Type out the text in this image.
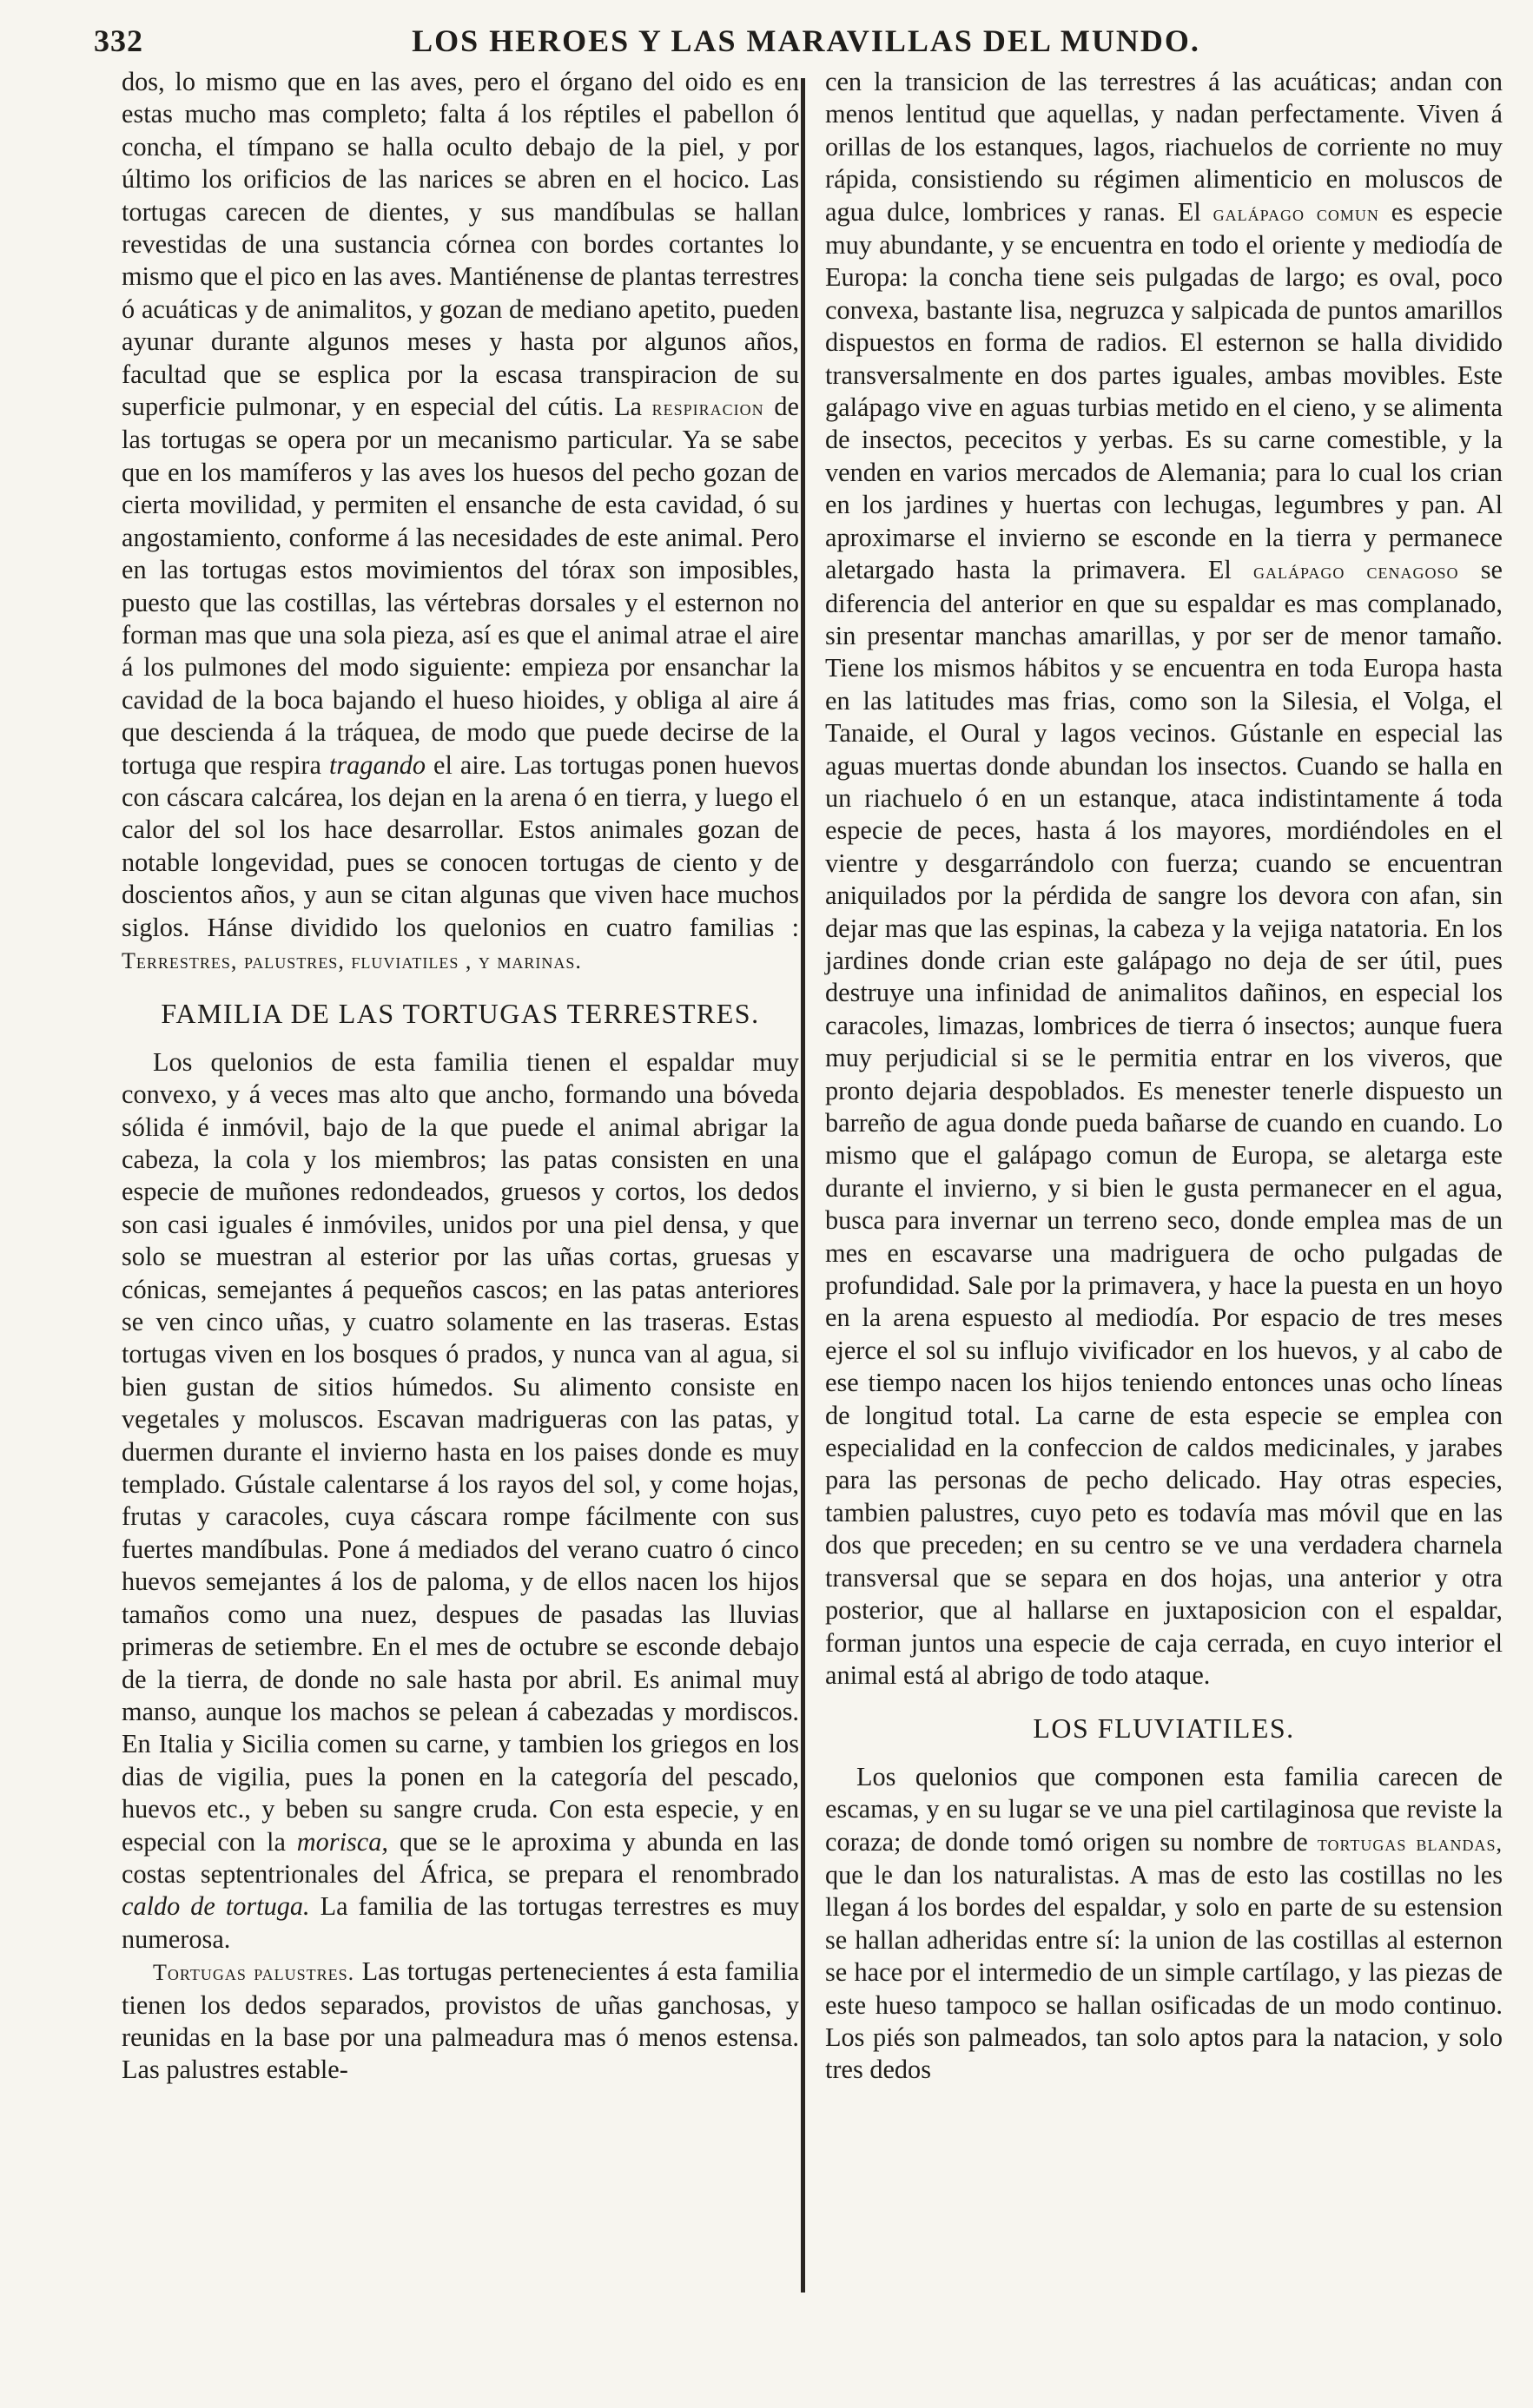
332	LOS HEROES Y LAS MARAVILLAS DEL MUNDO.

dos, lo mismo que en las aves, pero el órgano del oido es en estas mucho mas completo; falta á los réptiles el pabellon ó concha, el tímpano se halla oculto debajo de la piel, y por último los orificios de las narices se abren en el hocico. Las tortugas carecen de dientes, y sus mandíbulas se hallan revestidas de una sustancia córnea con bordes cortantes lo mismo que el pico en las aves. Mantiénense de plantas terrestres ó acuáticas y de animalitos, y gozan de mediano apetito, pueden ayunar durante algunos meses y hasta por algunos años, facultad que se esplica por la escasa transpiracion de su superficie pulmonar, y en especial del cútis. La respiracion de las tortugas se opera por un mecanismo particular. Ya se sabe que en los mamíferos y las aves los huesos del pecho gozan de cierta movilidad, y permiten el ensanche de esta cavidad, ó su angostamiento, conforme á las necesidades de este animal. Pero en las tortugas estos movimientos del tórax son imposibles, puesto que las costillas, las vértebras dorsales y el esternon no forman mas que una sola pieza, así es que el animal atrae el aire á los pulmones del modo siguiente: empieza por ensanchar la cavidad de la boca bajando el hueso hioides, y obliga al aire á que descienda á la tráquea, de modo que puede decirse de la tortuga que respira tragando el aire. Las tortugas ponen huevos con cáscara calcárea, los dejan en la arena ó en tierra, y luego el calor del sol los hace desarrollar. Estos animales gozan de notable longevidad, pues se conocen tortugas de ciento y de doscientos años, y aun se citan algunas que viven hace muchos siglos. Hánse dividido los quelonios en cuatro familias : Terrestres, palustres, fluviatiles , y marinas.

FAMILIA DE LAS TORTUGAS TERRESTRES.

Los quelonios de esta familia tienen el espaldar muy convexo, y á veces mas alto que ancho, formando una bóveda sólida é inmóvil, bajo de la que puede el animal abrigar la cabeza, la cola y los miembros; las patas consisten en una especie de muñones redondeados, gruesos y cortos, los dedos son casi iguales é inmóviles, unidos por una piel densa, y que solo se muestran al esterior por las uñas cortas, gruesas y cónicas, semejantes á pequeños cascos; en las patas anteriores se ven cinco uñas, y cuatro solamente en las traseras. Estas tortugas viven en los bosques ó prados, y nunca van al agua, si bien gustan de sitios húmedos. Su alimento consiste en vegetales y moluscos. Escavan madrigueras con las patas, y duermen durante el invierno hasta en los paises donde es muy templado. Gústale calentarse á los rayos del sol, y come hojas, frutas y caracoles, cuya cáscara rompe fácilmente con sus fuertes mandíbulas. Pone á mediados del verano cuatro ó cinco huevos semejantes á los de paloma, y de ellos nacen los hijos tamaños como una nuez, despues de pasadas las lluvias primeras de setiembre. En el mes de octubre se esconde debajo de la tierra, de donde no sale hasta por abril. Es animal muy manso, aunque los machos se pelean á cabezadas y mordiscos. En Italia y Sicilia comen su carne, y tambien los griegos en los dias de vigilia, pues la ponen en la categoría del pescado, huevos etc., y beben su sangre cruda. Con esta especie, y en especial con la morisca, que se le aproxima y abunda en las costas septentrionales del África, se prepara el renombrado caldo de tortuga. La familia de las tortugas terrestres es muy numerosa.

Tortugas palustres. Las tortugas pertenecientes á esta familia tienen los dedos separados, provistos de uñas ganchosas, y reunidas en la base por una palmeadura mas ó menos estensa. Las palustres estable-

cen la transicion de las terrestres á las acuáticas; andan con menos lentitud que aquellas, y nadan perfectamente. Viven á orillas de los estanques, lagos, riachuelos de corriente no muy rápida, consistiendo su régimen alimenticio en moluscos de agua dulce, lombrices y ranas. El galápago comun es especie muy abundante, y se encuentra en todo el oriente y mediodía de Europa: la concha tiene seis pulgadas de largo; es oval, poco convexa, bastante lisa, negruzca y salpicada de puntos amarillos dispuestos en forma de radios. El esternon se halla dividido transversalmente en dos partes iguales, ambas movibles. Este galápago vive en aguas turbias metido en el cieno, y se alimenta de insectos, pececitos y yerbas. Es su carne comestible, y la venden en varios mercados de Alemania; para lo cual los crian en los jardines y huertas con lechugas, legumbres y pan. Al aproximarse el invierno se esconde en la tierra y permanece aletargado hasta la primavera. El galápago cenagoso se diferencia del anterior en que su espaldar es mas complanado, sin presentar manchas amarillas, y por ser de menor tamaño. Tiene los mismos hábitos y se encuentra en toda Europa hasta en las latitudes mas frias, como son la Silesia, el Volga, el Tanaide, el Oural y lagos vecinos. Gústanle en especial las aguas muertas donde abundan los insectos. Cuando se halla en un riachuelo ó en un estanque, ataca indistintamente á toda especie de peces, hasta á los mayores, mordiéndoles en el vientre y desgarrándolo con fuerza; cuando se encuentran aniquilados por la pérdida de sangre los devora con afan, sin dejar mas que las espinas, la cabeza y la vejiga natatoria. En los jardines donde crian este galápago no deja de ser útil, pues destruye una infinidad de animalitos dañinos, en especial los caracoles, limazas, lombrices de tierra ó insectos; aunque fuera muy perjudicial si se le permitia entrar en los viveros, que pronto dejaria despoblados. Es menester tenerle dispuesto un barreño de agua donde pueda bañarse de cuando en cuando. Lo mismo que el galápago comun de Europa, se aletarga este durante el invierno, y si bien le gusta permanecer en el agua, busca para invernar un terreno seco, donde emplea mas de un mes en escavarse una madriguera de ocho pulgadas de profundidad. Sale por la primavera, y hace la puesta en un hoyo en la arena espuesto al mediodía. Por espacio de tres meses ejerce el sol su influjo vivificador en los huevos, y al cabo de ese tiempo nacen los hijos teniendo entonces unas ocho líneas de longitud total. La carne de esta especie se emplea con especialidad en la confeccion de caldos medicinales, y jarabes para las personas de pecho delicado. Hay otras especies, tambien palustres, cuyo peto es todavía mas móvil que en las dos que preceden; en su centro se ve una verdadera charnela transversal que se separa en dos hojas, una anterior y otra posterior, que al hallarse en juxtaposicion con el espaldar, forman juntos una especie de caja cerrada, en cuyo interior el animal está al abrigo de todo ataque.

LOS FLUVIATILES.

Los quelonios que componen esta familia carecen de escamas, y en su lugar se ve una piel cartilaginosa que reviste la coraza; de donde tomó origen su nombre de tortugas blandas, que le dan los naturalistas. A mas de esto las costillas no les llegan á los bordes del espaldar, y solo en parte de su estension se hallan adheridas entre sí: la union de las costillas al esternon se hace por el intermedio de un simple cartílago, y las piezas de este hueso tampoco se hallan osificadas de un modo continuo. Los piés son palmeados, tan solo aptos para la natacion, y solo tres dedos
